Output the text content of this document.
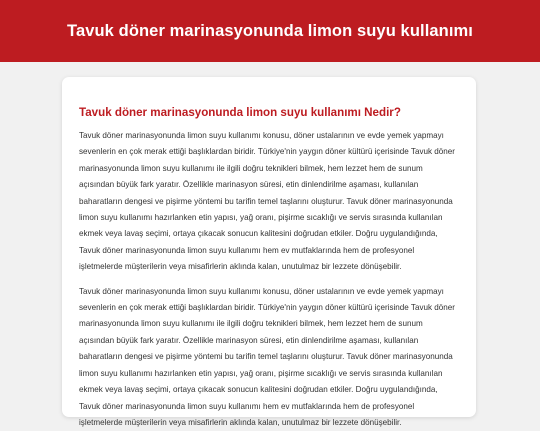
Tavuk döner marinasyonunda limon suyu kullanımı
Tavuk döner marinasyonunda limon suyu kullanımı Nedir?

Tavuk döner marinasyonunda limon suyu kullanımı konusu, döner ustalarının ve evde yemek yapmayı sevenlerin en çok merak ettiği başlıklardan biridir. Türkiye'nin yaygın döner kültürü içerisinde Tavuk döner marinasyonunda limon suyu kullanımı ile ilgili doğru teknikleri bilmek, hem lezzet hem de sunum açısından büyük fark yaratır. Özellikle marinasyon süresi, etin dinlendirilme aşaması, kullanılan baharatların dengesi ve pişirme yöntemi bu tarifin temel taşlarını oluşturur. Tavuk döner marinasyonunda limon suyu kullanımı hazırlanken etin yapısı, yağ oranı, pişirme sıcaklığı ve servis sırasında kullanılan ekmek veya lavaş seçimi, ortaya çıkacak sonucun kalitesini doğrudan etkiler. Doğru uygulandığında, Tavuk döner marinasyonunda limon suyu kullanımı hem ev mutfaklarında hem de profesyonel işletmelerde müşterilerin veya misafirlerin aklında kalan, unutulmaz bir lezzete dönüşebilir.

Tavuk döner marinasyonunda limon suyu kullanımı konusu, döner ustalarının ve evde yemek yapmayı sevenlerin en çok merak ettiği başlıklardan biridir. Türkiye'nin yaygın döner kültürü içerisinde Tavuk döner marinasyonunda limon suyu kullanımı ile ilgili doğru teknikleri bilmek, hem lezzet hem de sunum açısından büyük fark yaratır. Özellikle marinasyon süresi, etin dinlendirilme aşaması, kullanılan baharatların dengesi ve pişirme yöntemi bu tarifin temel taşlarını oluşturur. Tavuk döner marinasyonunda limon suyu kullanımı hazırlanken etin yapısı, yağ oranı, pişirme sıcaklığı ve servis sırasında kullanılan ekmek veya lavaş seçimi, ortaya çıkacak sonucun kalitesini doğrudan etkiler. Doğru uygulandığında, Tavuk döner marinasyonunda limon suyu kullanımı hem ev mutfaklarında hem de profesyonel işletmelerde müşterilerin veya misafirlerin aklında kalan, unutulmaz bir lezzete dönüşebilir.
